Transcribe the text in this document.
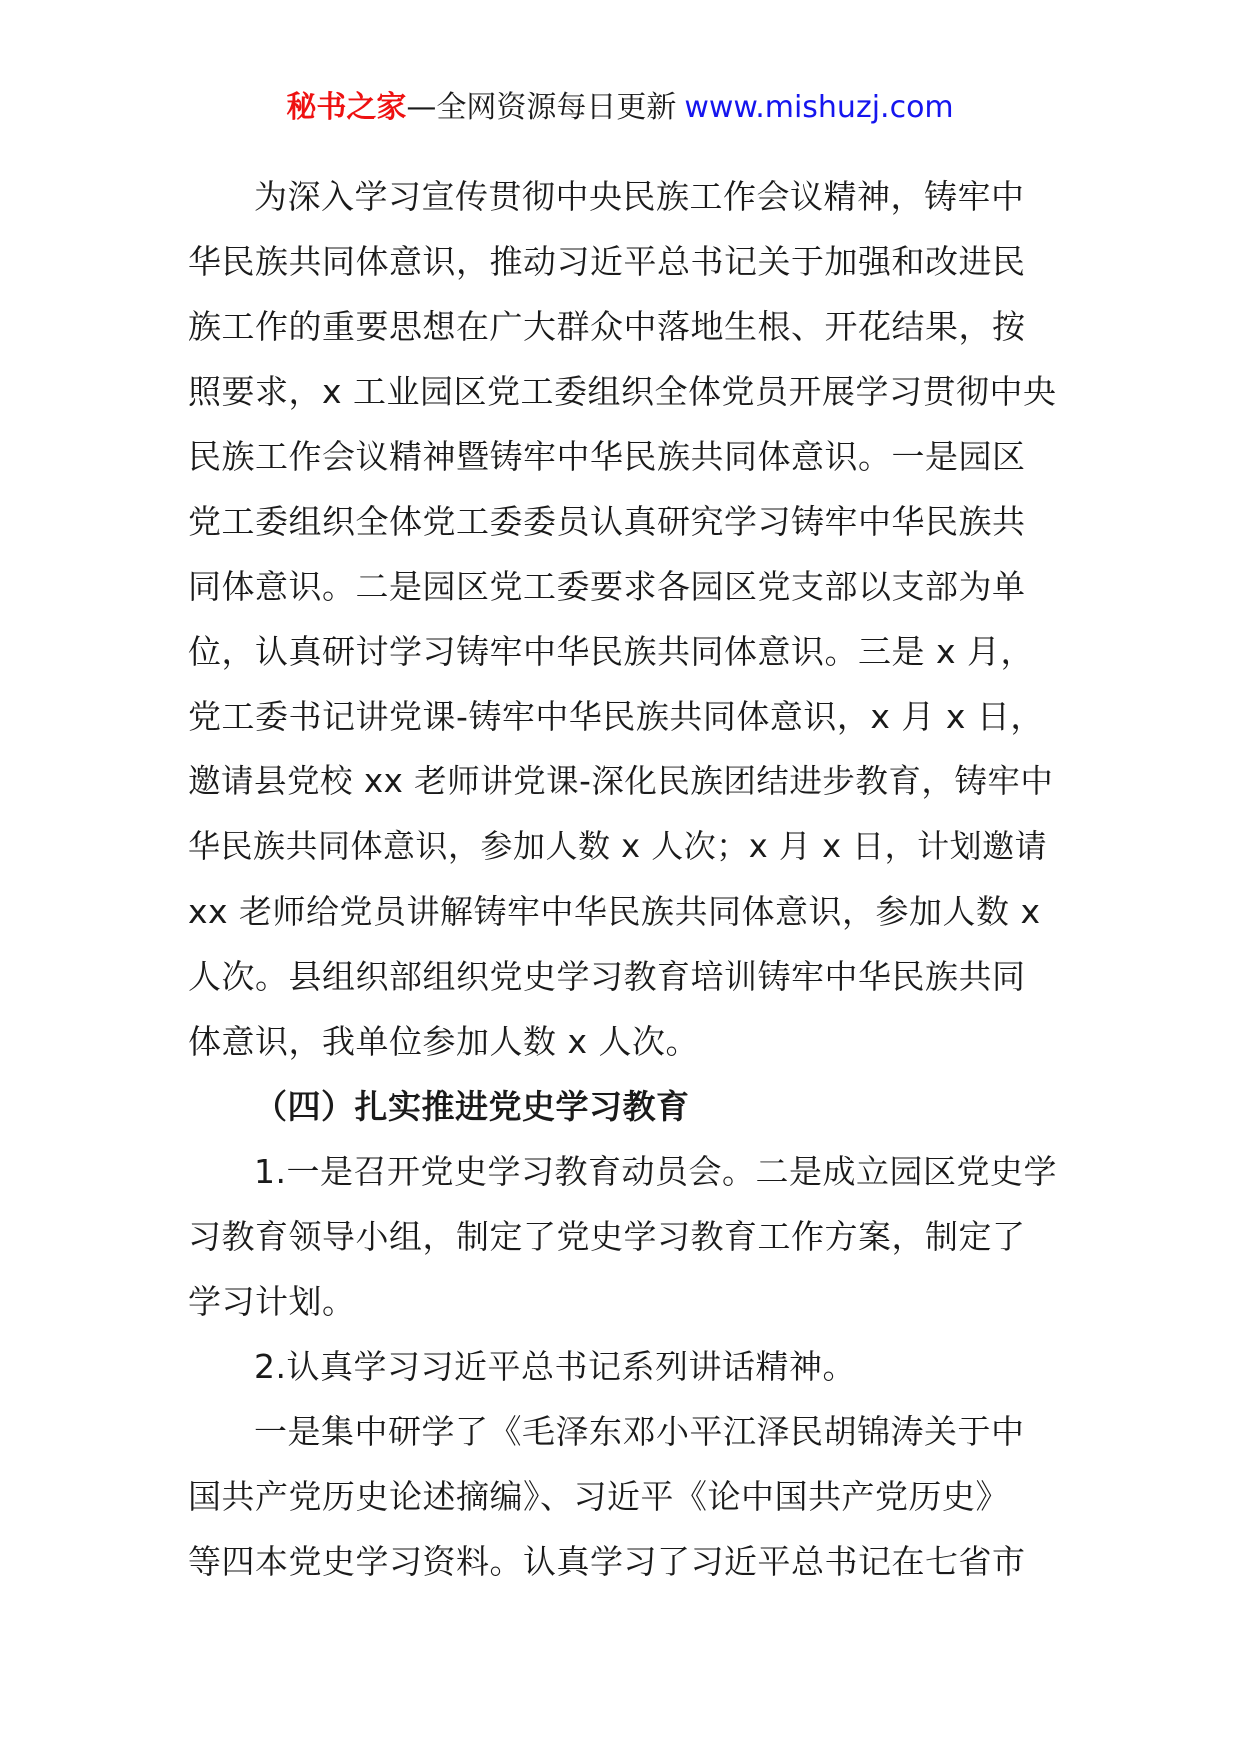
秘书之家—全网资源每日更新 www.mishuzj.com
为深入学习宣传贯彻中央民族工作会议精神，铸牢中
华民族共同体意识，推动习近平总书记关于加强和改进民
族工作的重要思想在广大群众中落地生根、开花结果，按
照要求，x 工业园区党工委组织全体党员开展学习贯彻中央
民族工作会议精神暨铸牢中华民族共同体意识。一是园区
党工委组织全体党工委委员认真研究学习铸牢中华民族共
同体意识。二是园区党工委要求各园区党支部以支部为单
位，认真研讨学习铸牢中华民族共同体意识。三是 x 月，
党工委书记讲党课-铸牢中华民族共同体意识，x 月 x 日，
邀请县党校 xx 老师讲党课-深化民族团结进步教育，铸牢中
华民族共同体意识，参加人数 x 人次；x 月 x 日，计划邀请
xx 老师给党员讲解铸牢中华民族共同体意识，参加人数 x
人次。县组织部组织党史学习教育培训铸牢中华民族共同
体意识，我单位参加人数 x 人次。
（四）扎实推进党史学习教育
1.一是召开党史学习教育动员会。二是成立园区党史学
习教育领导小组，制定了党史学习教育工作方案，制定了
学习计划。
2.认真学习习近平总书记系列讲话精神。
一是集中研学了《毛泽东邓小平江泽民胡锦涛关于中
国共产党历史论述摘编》、习近平《论中国共产党历史》
等四本党史学习资料。认真学习了习近平总书记在七省市
